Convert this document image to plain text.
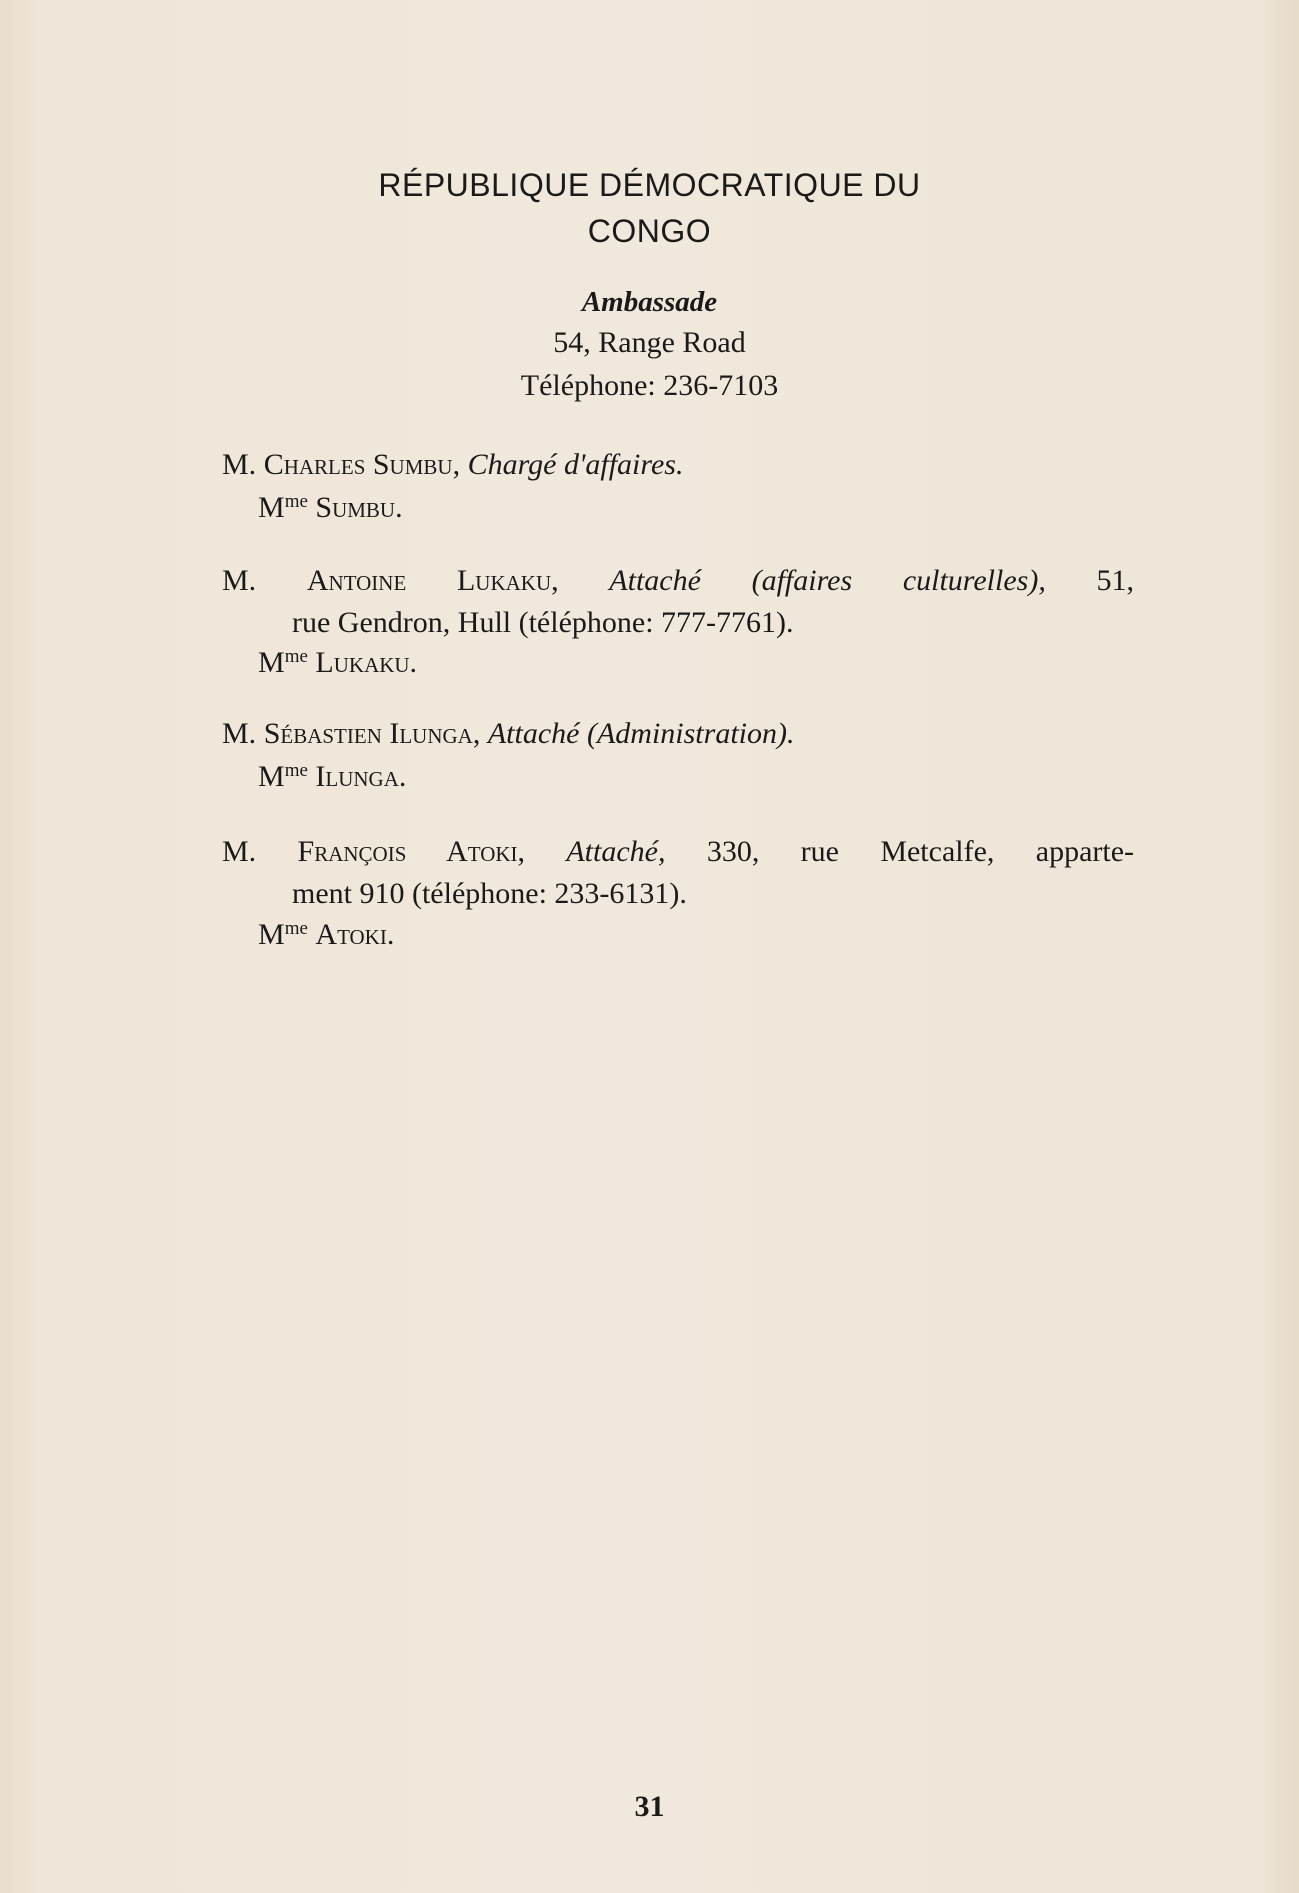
RÉPUBLIQUE DÉMOCRATIQUE DU
CONGO
Ambassade
54, Range Road
Téléphone: 236-7103
M. Charles Sumbu, Chargé d'affaires.
$M^{me}$ Sumbu.
M. Antoine Lukaku, Attaché (affaires culturelles), 51,
rue Gendron, Hull (téléphone: 777-7761).
$M^{me}$ Lukaku.
M. Sébastien Ilunga, Attaché (Administration).
$M^{me}$ Ilunga.
M. François Atoki, Attaché, 330, rue Metcalfe, apparte-
ment 910 (téléphone: 233-6131).
$M^{me}$ Atoki.
31
